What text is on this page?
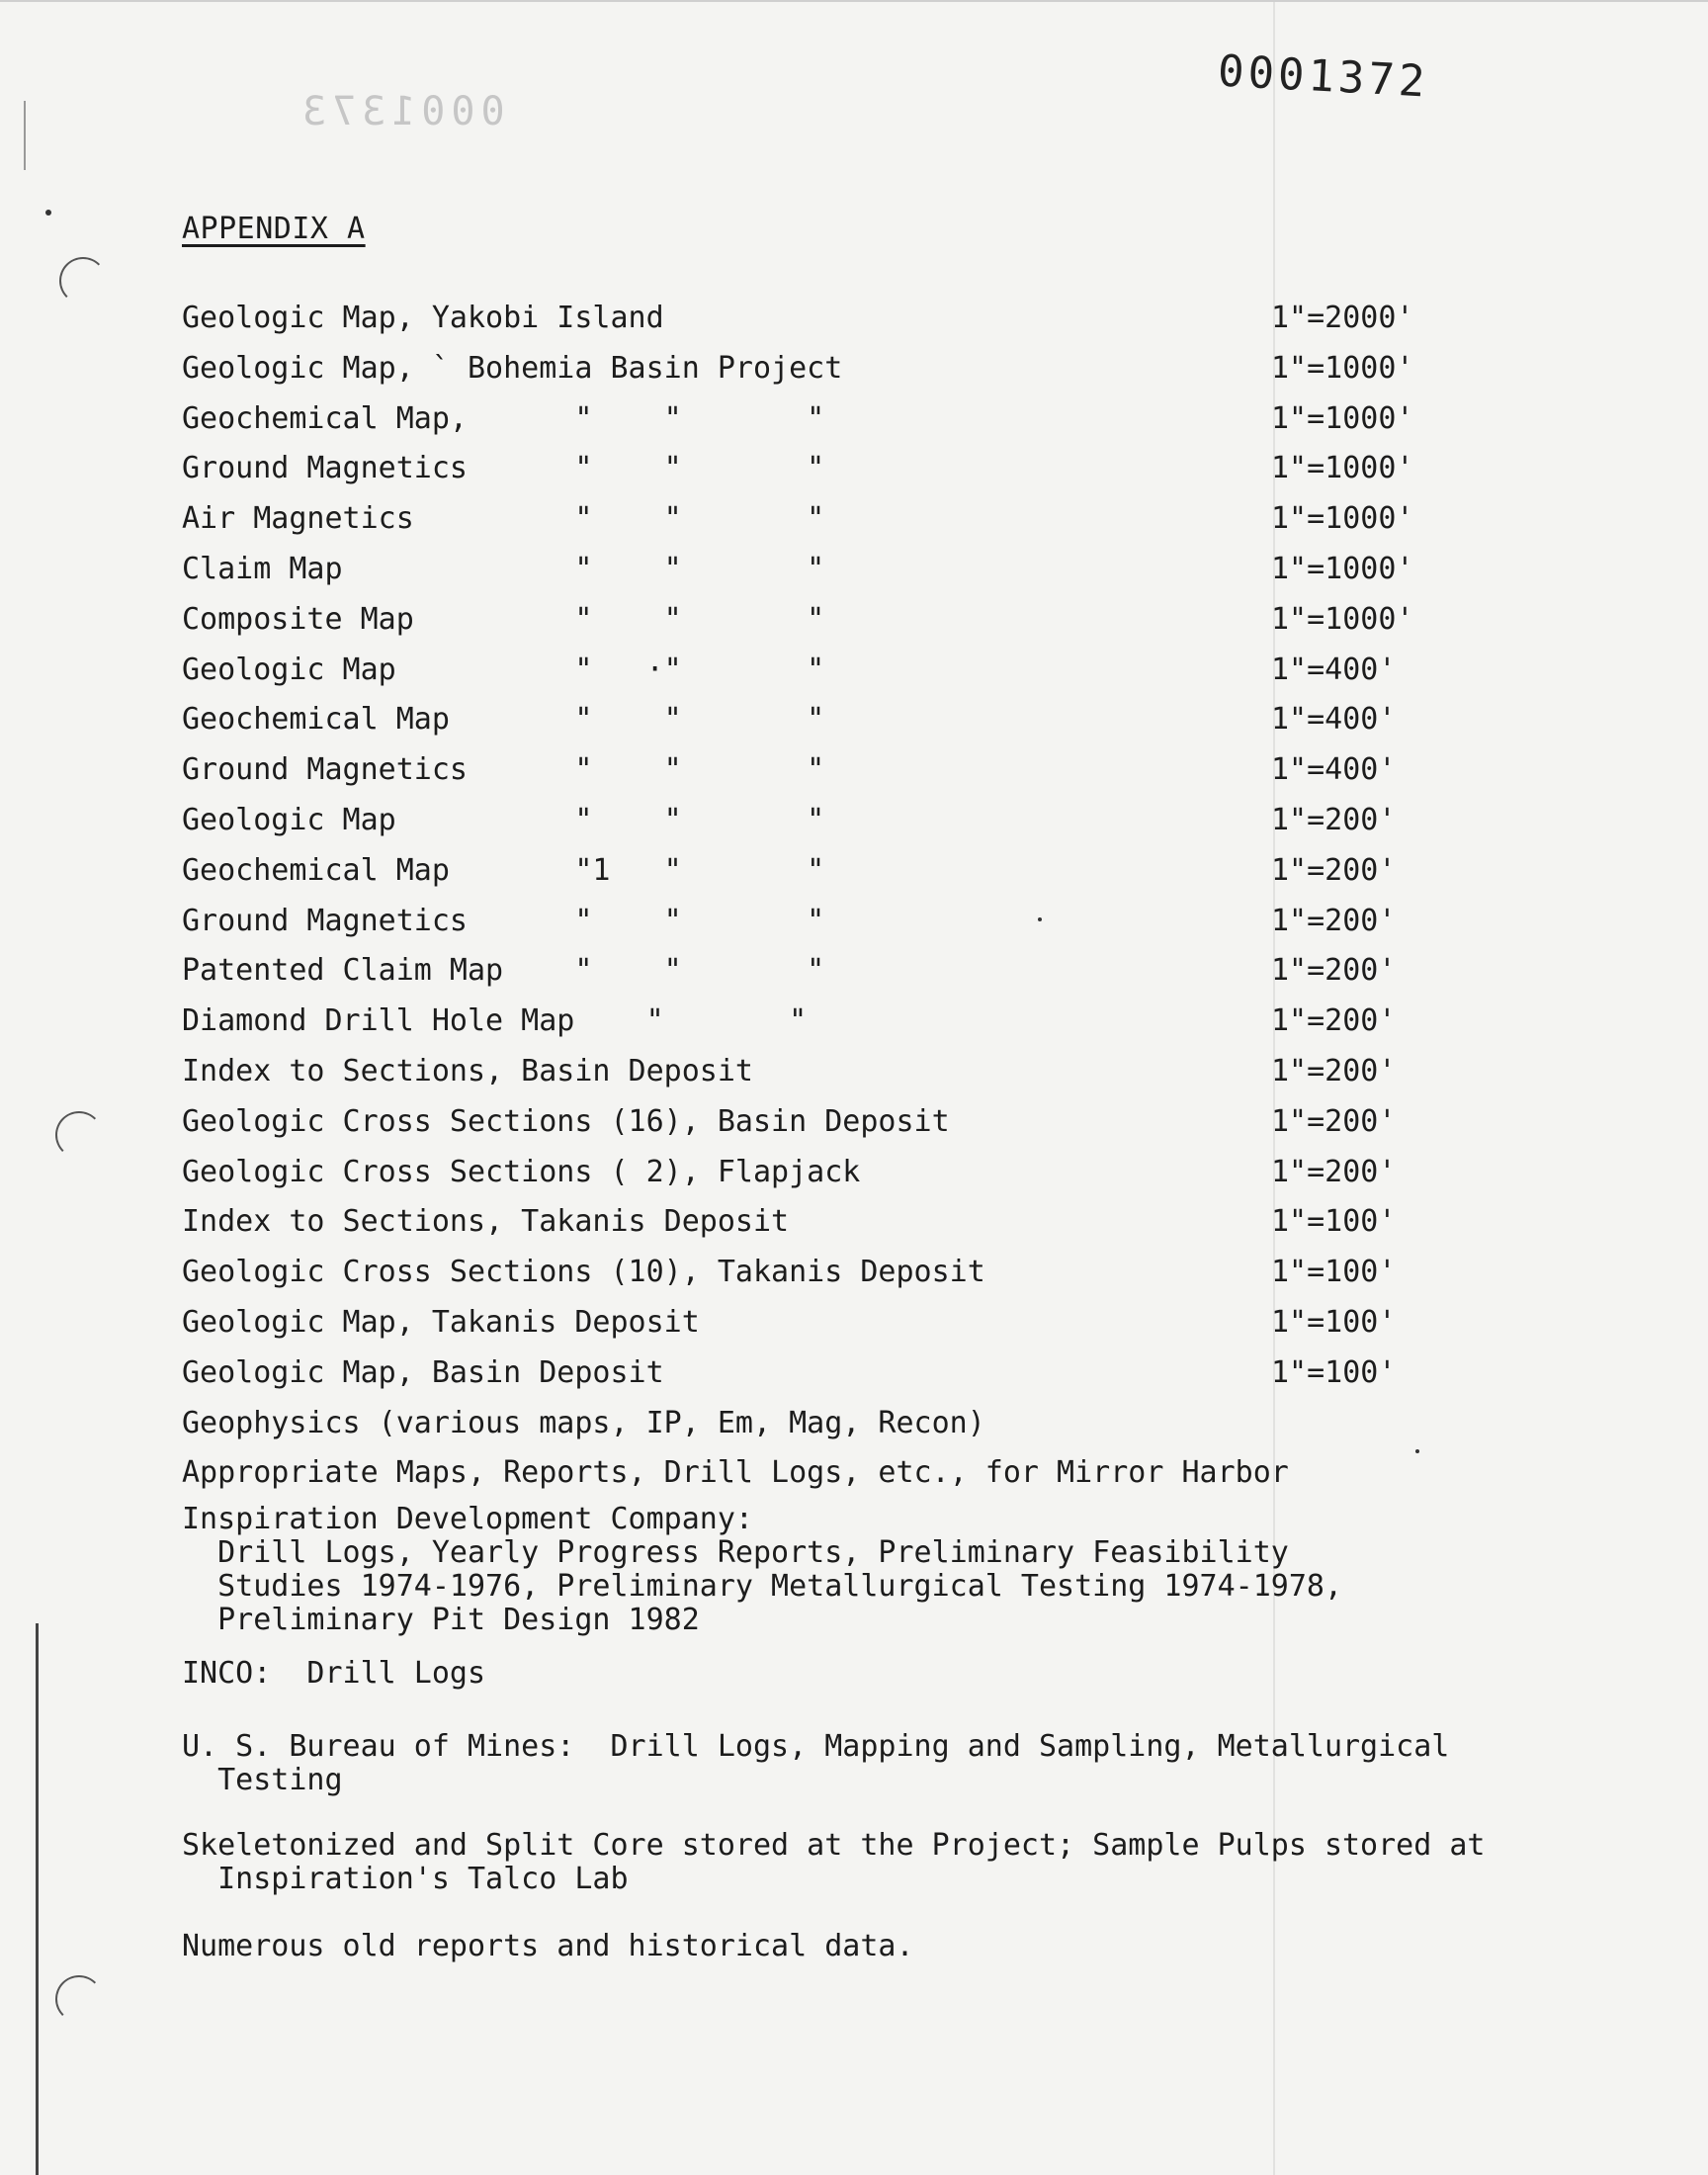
0001372
0001373
APPENDIX A
Geologic Map, Yakobi Island	1"=2000'
Geologic Map, ` Bohemia Basin Project	1"=1000'
Geochemical Map,      "    "       "	1"=1000'
Ground Magnetics      "    "       "	1"=1000'
Air Magnetics         "    "       "	1"=1000'
Claim Map             "    "       "	1"=1000'
Composite Map         "    "       "	1"=1000'
Geologic Map          "   ·"       "	1"=400'
Geochemical Map       "    "       "	1"=400'
Ground Magnetics      "    "       "	1"=400'
Geologic Map          "    "       "	1"=200'
Geochemical Map       "1   "       "	1"=200'
Ground Magnetics      "    "       "	1"=200'
Patented Claim Map    "    "       "	1"=200'
Diamond Drill Hole Map    "       "	1"=200'
Index to Sections, Basin Deposit	1"=200'
Geologic Cross Sections (16), Basin Deposit	1"=200'
Geologic Cross Sections ( 2), Flapjack	1"=200'
Index to Sections, Takanis Deposit	1"=100'
Geologic Cross Sections (10), Takanis Deposit	1"=100'
Geologic Map, Takanis Deposit	1"=100'
Geologic Map, Basin Deposit	1"=100'
Geophysics (various maps, IP, Em, Mag, Recon)
Appropriate Maps, Reports, Drill Logs, etc., for Mirror Harbor
Inspiration Development Company:
Drill Logs, Yearly Progress Reports, Preliminary Feasibility
Studies 1974-1976, Preliminary Metallurgical Testing 1974-1978,
Preliminary Pit Design 1982
INCO:  Drill Logs
U. S. Bureau of Mines:  Drill Logs, Mapping and Sampling, Metallurgical
Testing
Skeletonized and Split Core stored at the Project; Sample Pulps stored at
Inspiration's Talco Lab
Numerous old reports and historical data.
